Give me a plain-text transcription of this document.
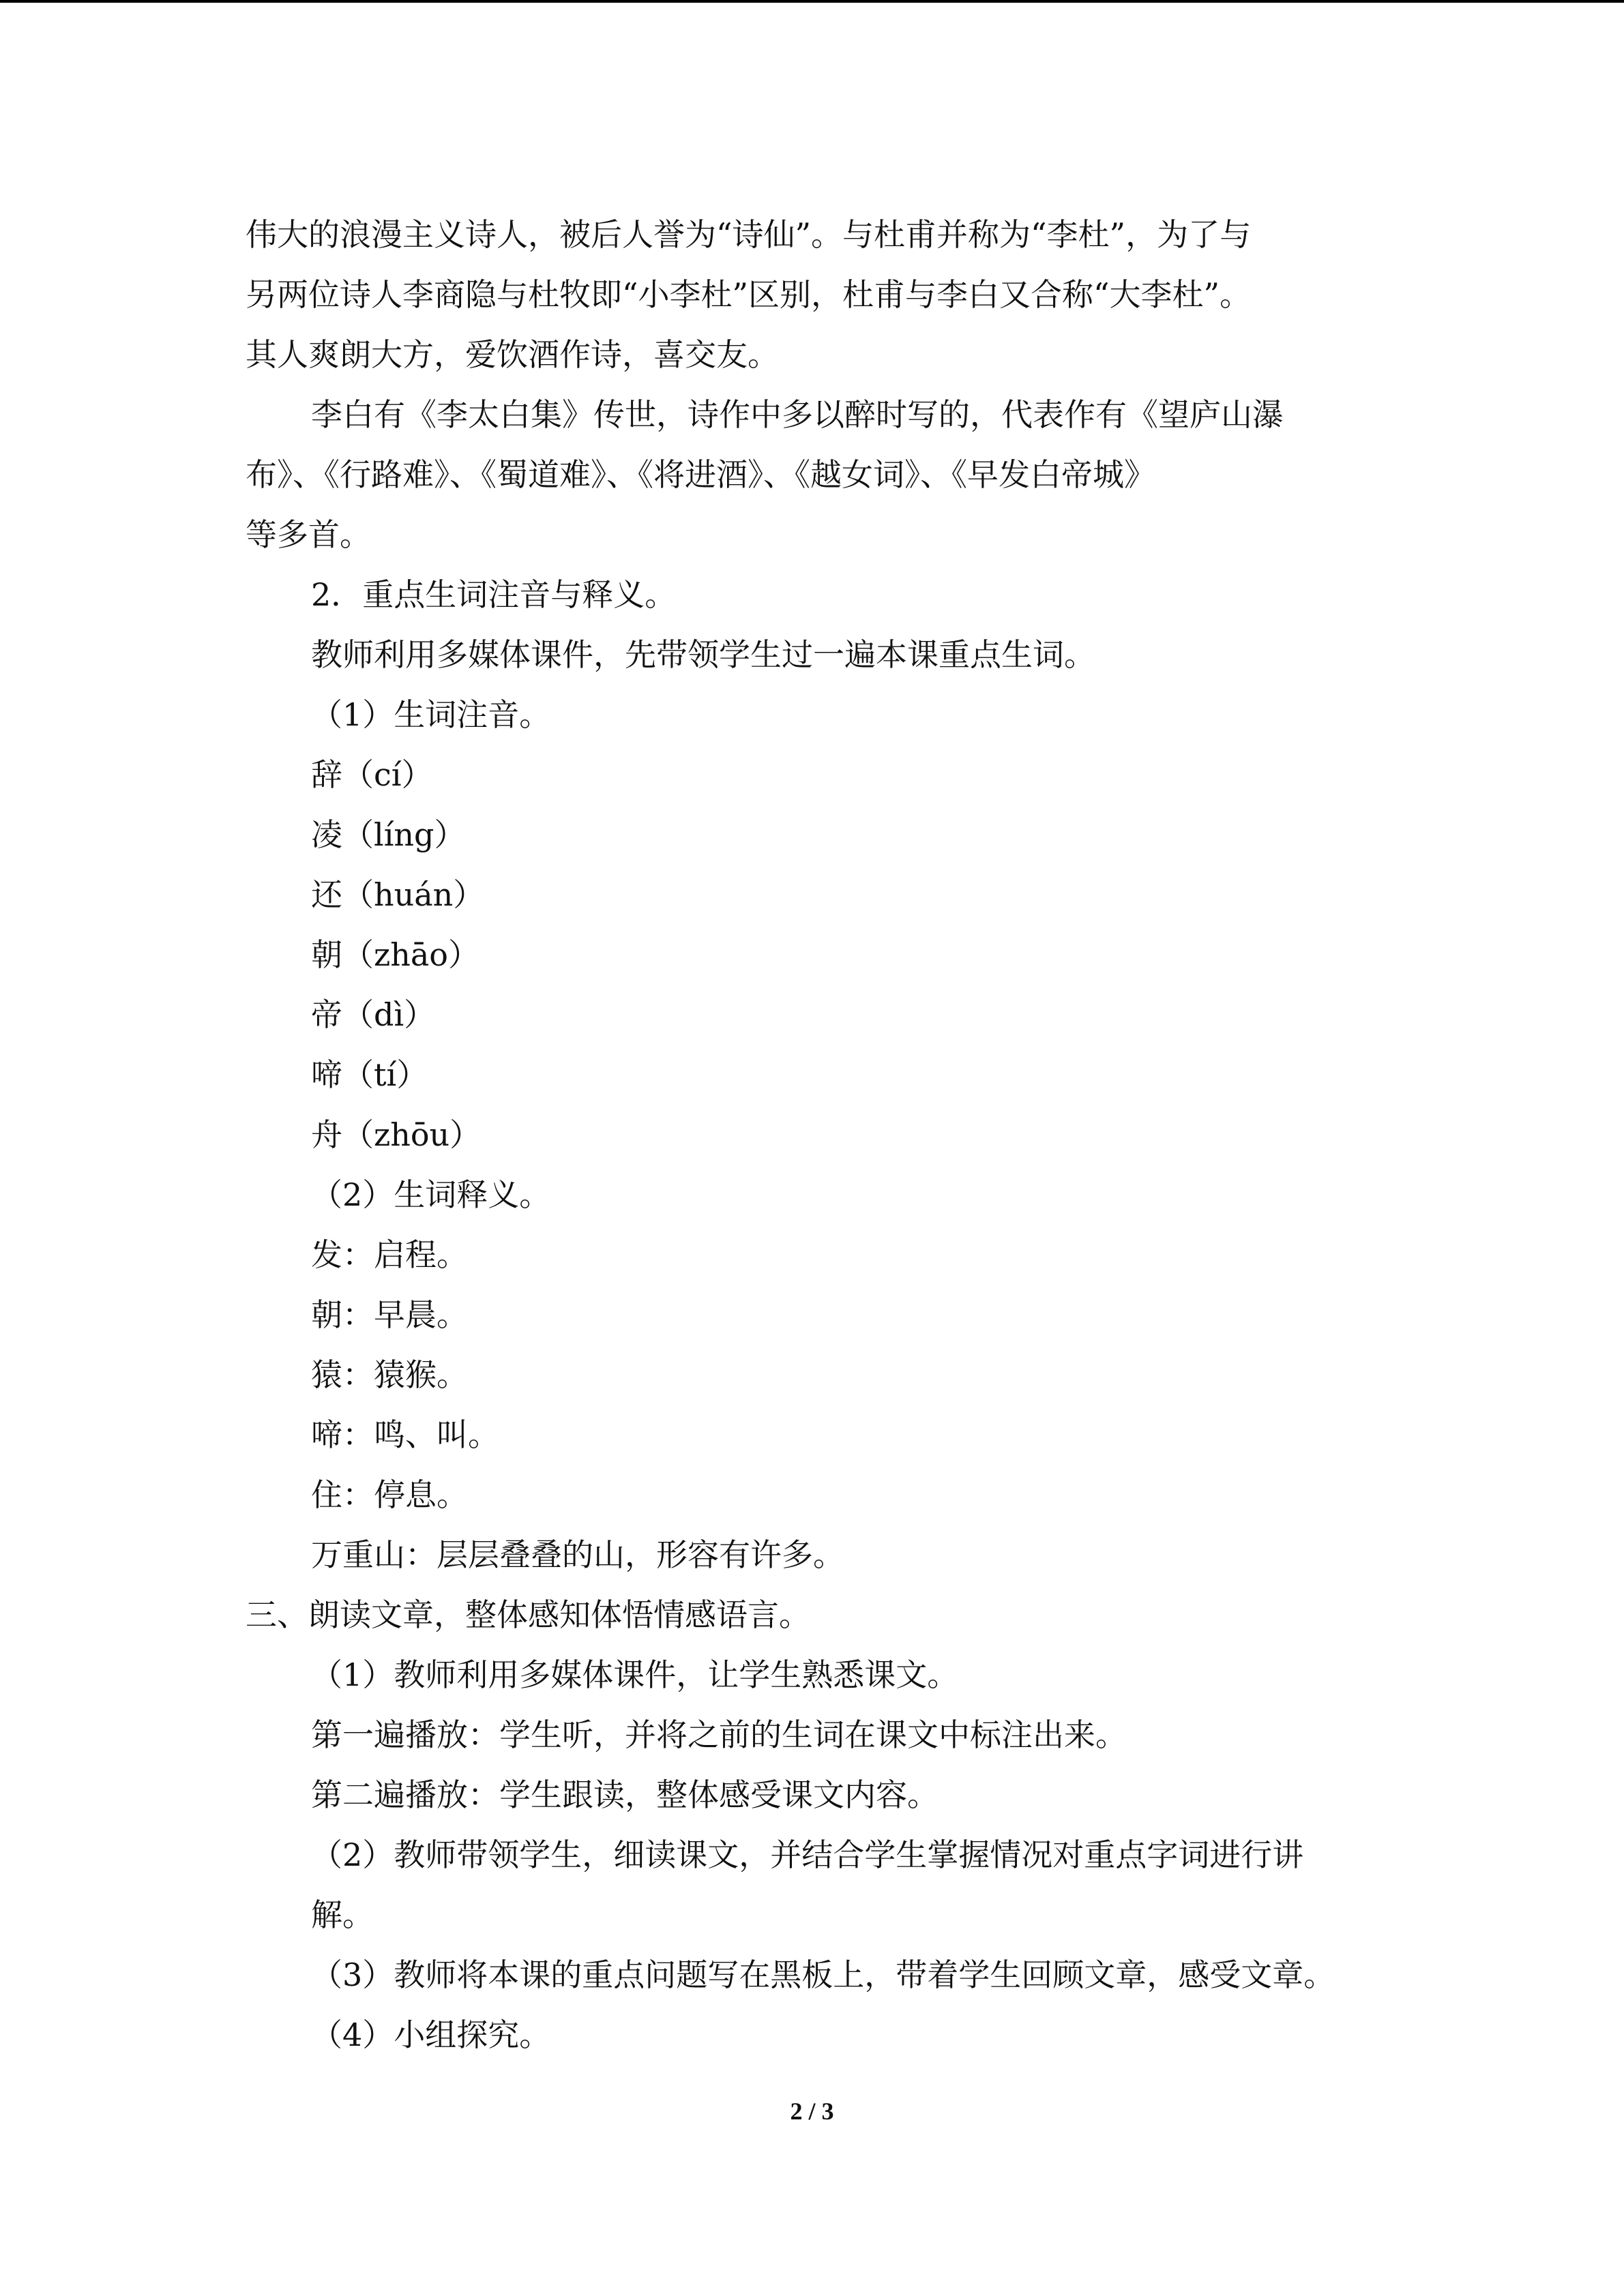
伟大的浪漫主义诗人，被后人誉为“诗仙”。与杜甫并称为“李杜”，为了与
另两位诗人李商隐与杜牧即“小李杜”区别，杜甫与李白又合称“大李杜”。
其人爽朗大方，爱饮酒作诗，喜交友。
李白有《李太白集》传世，诗作中多以醉时写的，代表作有《望庐山瀑
布》、《行路难》、《蜀道难》、《将进酒》、《越女词》、《早发白帝城》
等多首。
2．重点生词注音与释义。
教师利用多媒体课件，先带领学生过一遍本课重点生词。
（1）生词注音。
辞（cí）
凌（líng）
还（huán）
朝（zhāo）
帝（dì）
啼（tí）
舟（zhōu）
（2）生词释义。
发：启程。
朝：早晨。
猿：猿猴。
啼：鸣、叫。
住：停息。
万重山：层层叠叠的山，形容有许多。
三、朗读文章，整体感知体悟情感语言。
（1）教师利用多媒体课件，让学生熟悉课文。
第一遍播放：学生听，并将之前的生词在课文中标注出来。
第二遍播放：学生跟读，整体感受课文内容。
（2）教师带领学生，细读课文，并结合学生掌握情况对重点字词进行讲
解。
（3）教师将本课的重点问题写在黑板上，带着学生回顾文章，感受文章。
（4）小组探究。
2 / 3
